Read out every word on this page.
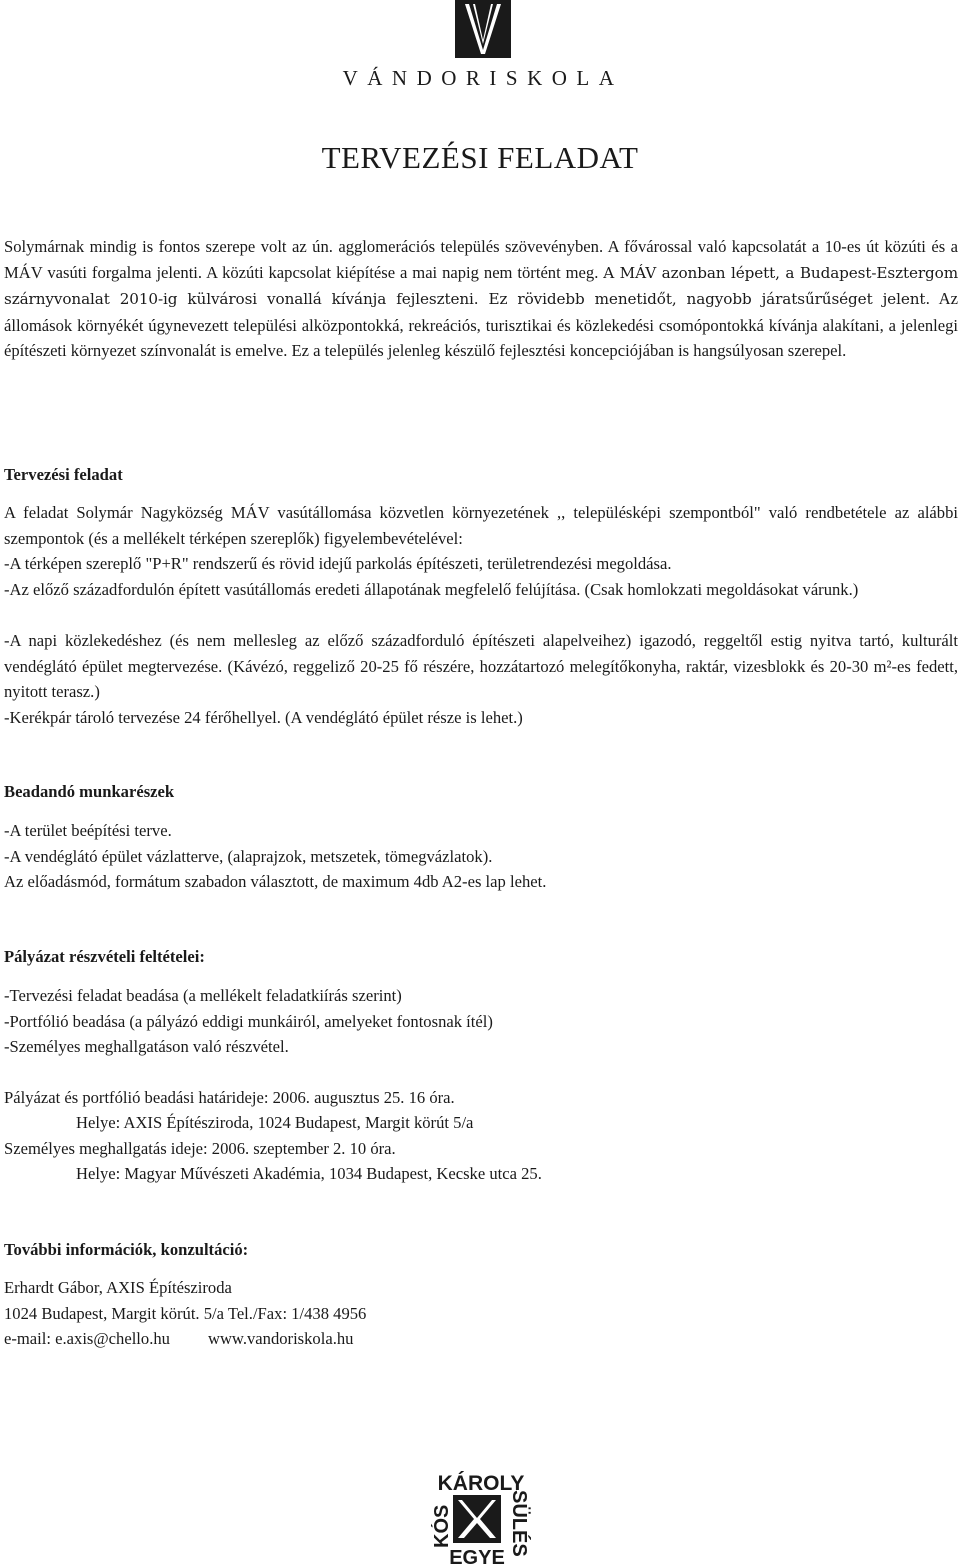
VÁNDORISKOLA
TERVEZÉSI FELADAT

Solymárnak mindig is fontos szerepe volt az ún. agglomerációs település szövevényben. A fővárossal való kapcsolatát a 10-es út közúti és a MÁV vasúti forgalma jelenti. A közúti kapcsolat kiépítése a mai napig nem történt meg. A MÁV azonban lépett, a Budapest-Esztergom szárnyvonalat 2010-ig külvárosi vonallá kívánja fejleszteni. Ez rövidebb menetidőt, nagyobb járatsűrűséget jelent. Az állomások környékét úgynevezett települési alközpontokká, rekreációs, turisztikai és közlekedési csomópontokká kívánja alakítani, a jelenlegi építészeti környezet színvonalát is emelve. Ez a település jelenleg készülő fejlesztési koncepciójában is hangsúlyosan szerepel.

Tervezési feladat

A feladat Solymár Nagyközség MÁV vasútállomása közvetlen környezetének ,, településképi szempontból" való rendbetétele az alábbi szempontok (és a mellékelt térképen szereplők) figyelembevételével:

-A térképen szereplő "P+R" rendszerű és rövid idejű parkolás építészeti, területrendezési megoldása.

-Az előző századfordulón épített vasútállomás eredeti állapotának megfelelő felújítása. (Csak homlokzati megoldásokat várunk.)

-A napi közlekedéshez (és nem mellesleg az előző századforduló építészeti alapelveihez) igazodó, reggeltől estig nyitva tartó, kulturált vendéglátó épület megtervezése. (Kávézó, reggeliző 20-25 fő részére, hozzátartozó melegítőkonyha, raktár, vizesblokk és 20-30 m²-es fedett, nyitott terasz.)

-Kerékpár tároló tervezése 24 férőhellyel. (A vendéglátó épület része is lehet.)

Beadandó munkarészek

-A terület beépítési terve.

-A vendéglátó épület vázlatterve, (alaprajzok, metszetek, tömegvázlatok).

Az előadásmód, formátum szabadon választott, de maximum 4db A2-es lap lehet.

Pályázat részvételi feltételei:

-Tervezési feladat beadása (a mellékelt feladatkiírás szerint)

-Portfólió beadása (a pályázó eddigi munkáiról, amelyeket fontosnak ítél)

-Személyes meghallgatáson való részvétel.

Pályázat és portfólió beadási határideje: 2006. augusztus 25. 16 óra.

Helye: AXIS Építésziroda, 1024 Budapest, Margit körút 5/a

Személyes meghallgatás ideje: 2006. szeptember 2. 10 óra.

Helye: Magyar Művészeti Akadémia, 1034 Budapest, Kecske utca 25.

További információk, konzultáció:

Erhardt Gábor, AXIS Építésziroda

1024 Budapest, Margit körút. 5/a Tel./Fax: 1/438 4956

e-mail: e.axis@chello.hu www.vandoriskola.hu

KÁROLY
KÓS	SÜLÉS
EGYE
